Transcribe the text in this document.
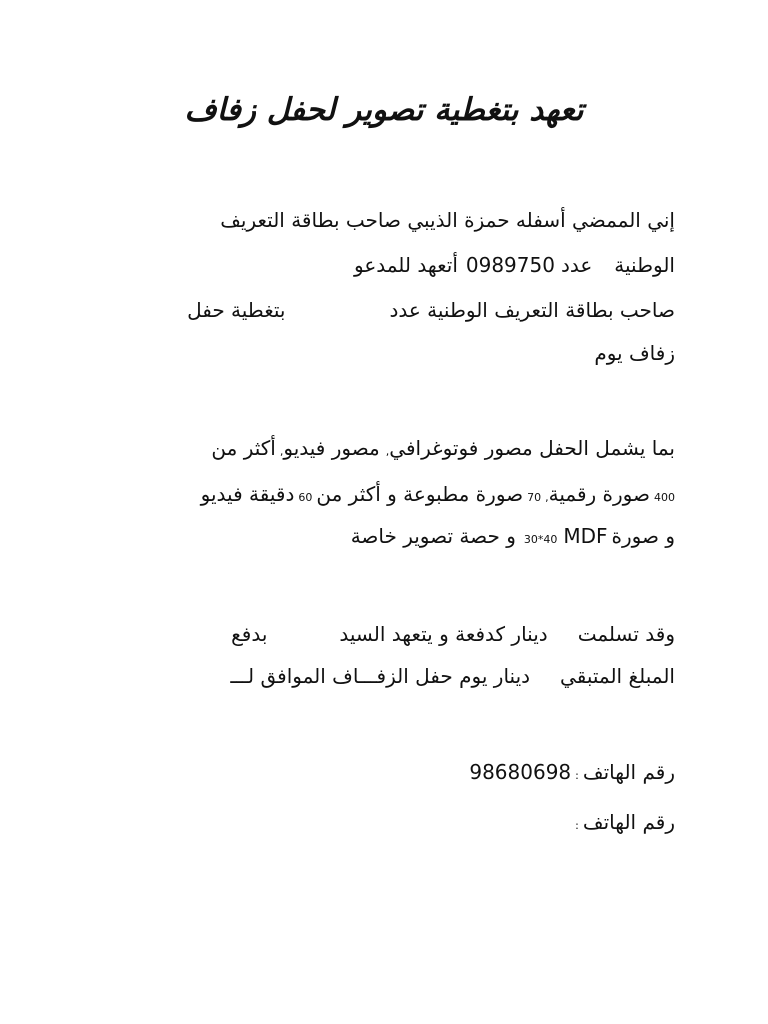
تعهد بتغطية تصوير لحفل زفاف
إني الممضي أسفله حمزة الذيبي صاحب بطاقة التعريف
الوطنيةعدد0989750أتعهد للمدعو
صاحب بطاقة التعريف الوطنية عددبتغطية حفل
زفاف يوم
بما يشمل الحفل مصور فوتوغرافي,مصور فيديو,أكثر من
400صورة رقمية,70صورة مطبوعة و أكثر من60دقيقة فيديو
و صورة30*40 MDFو حصة تصوير خاصة
وقد تسلمتدينار كدفعة و يتعهد السيدبدفع
المبلغ المتبقيدينار يوم حفل الزفـــاف الموافق لـــ
رقم الهاتف:98680698
رقم الهاتف:
